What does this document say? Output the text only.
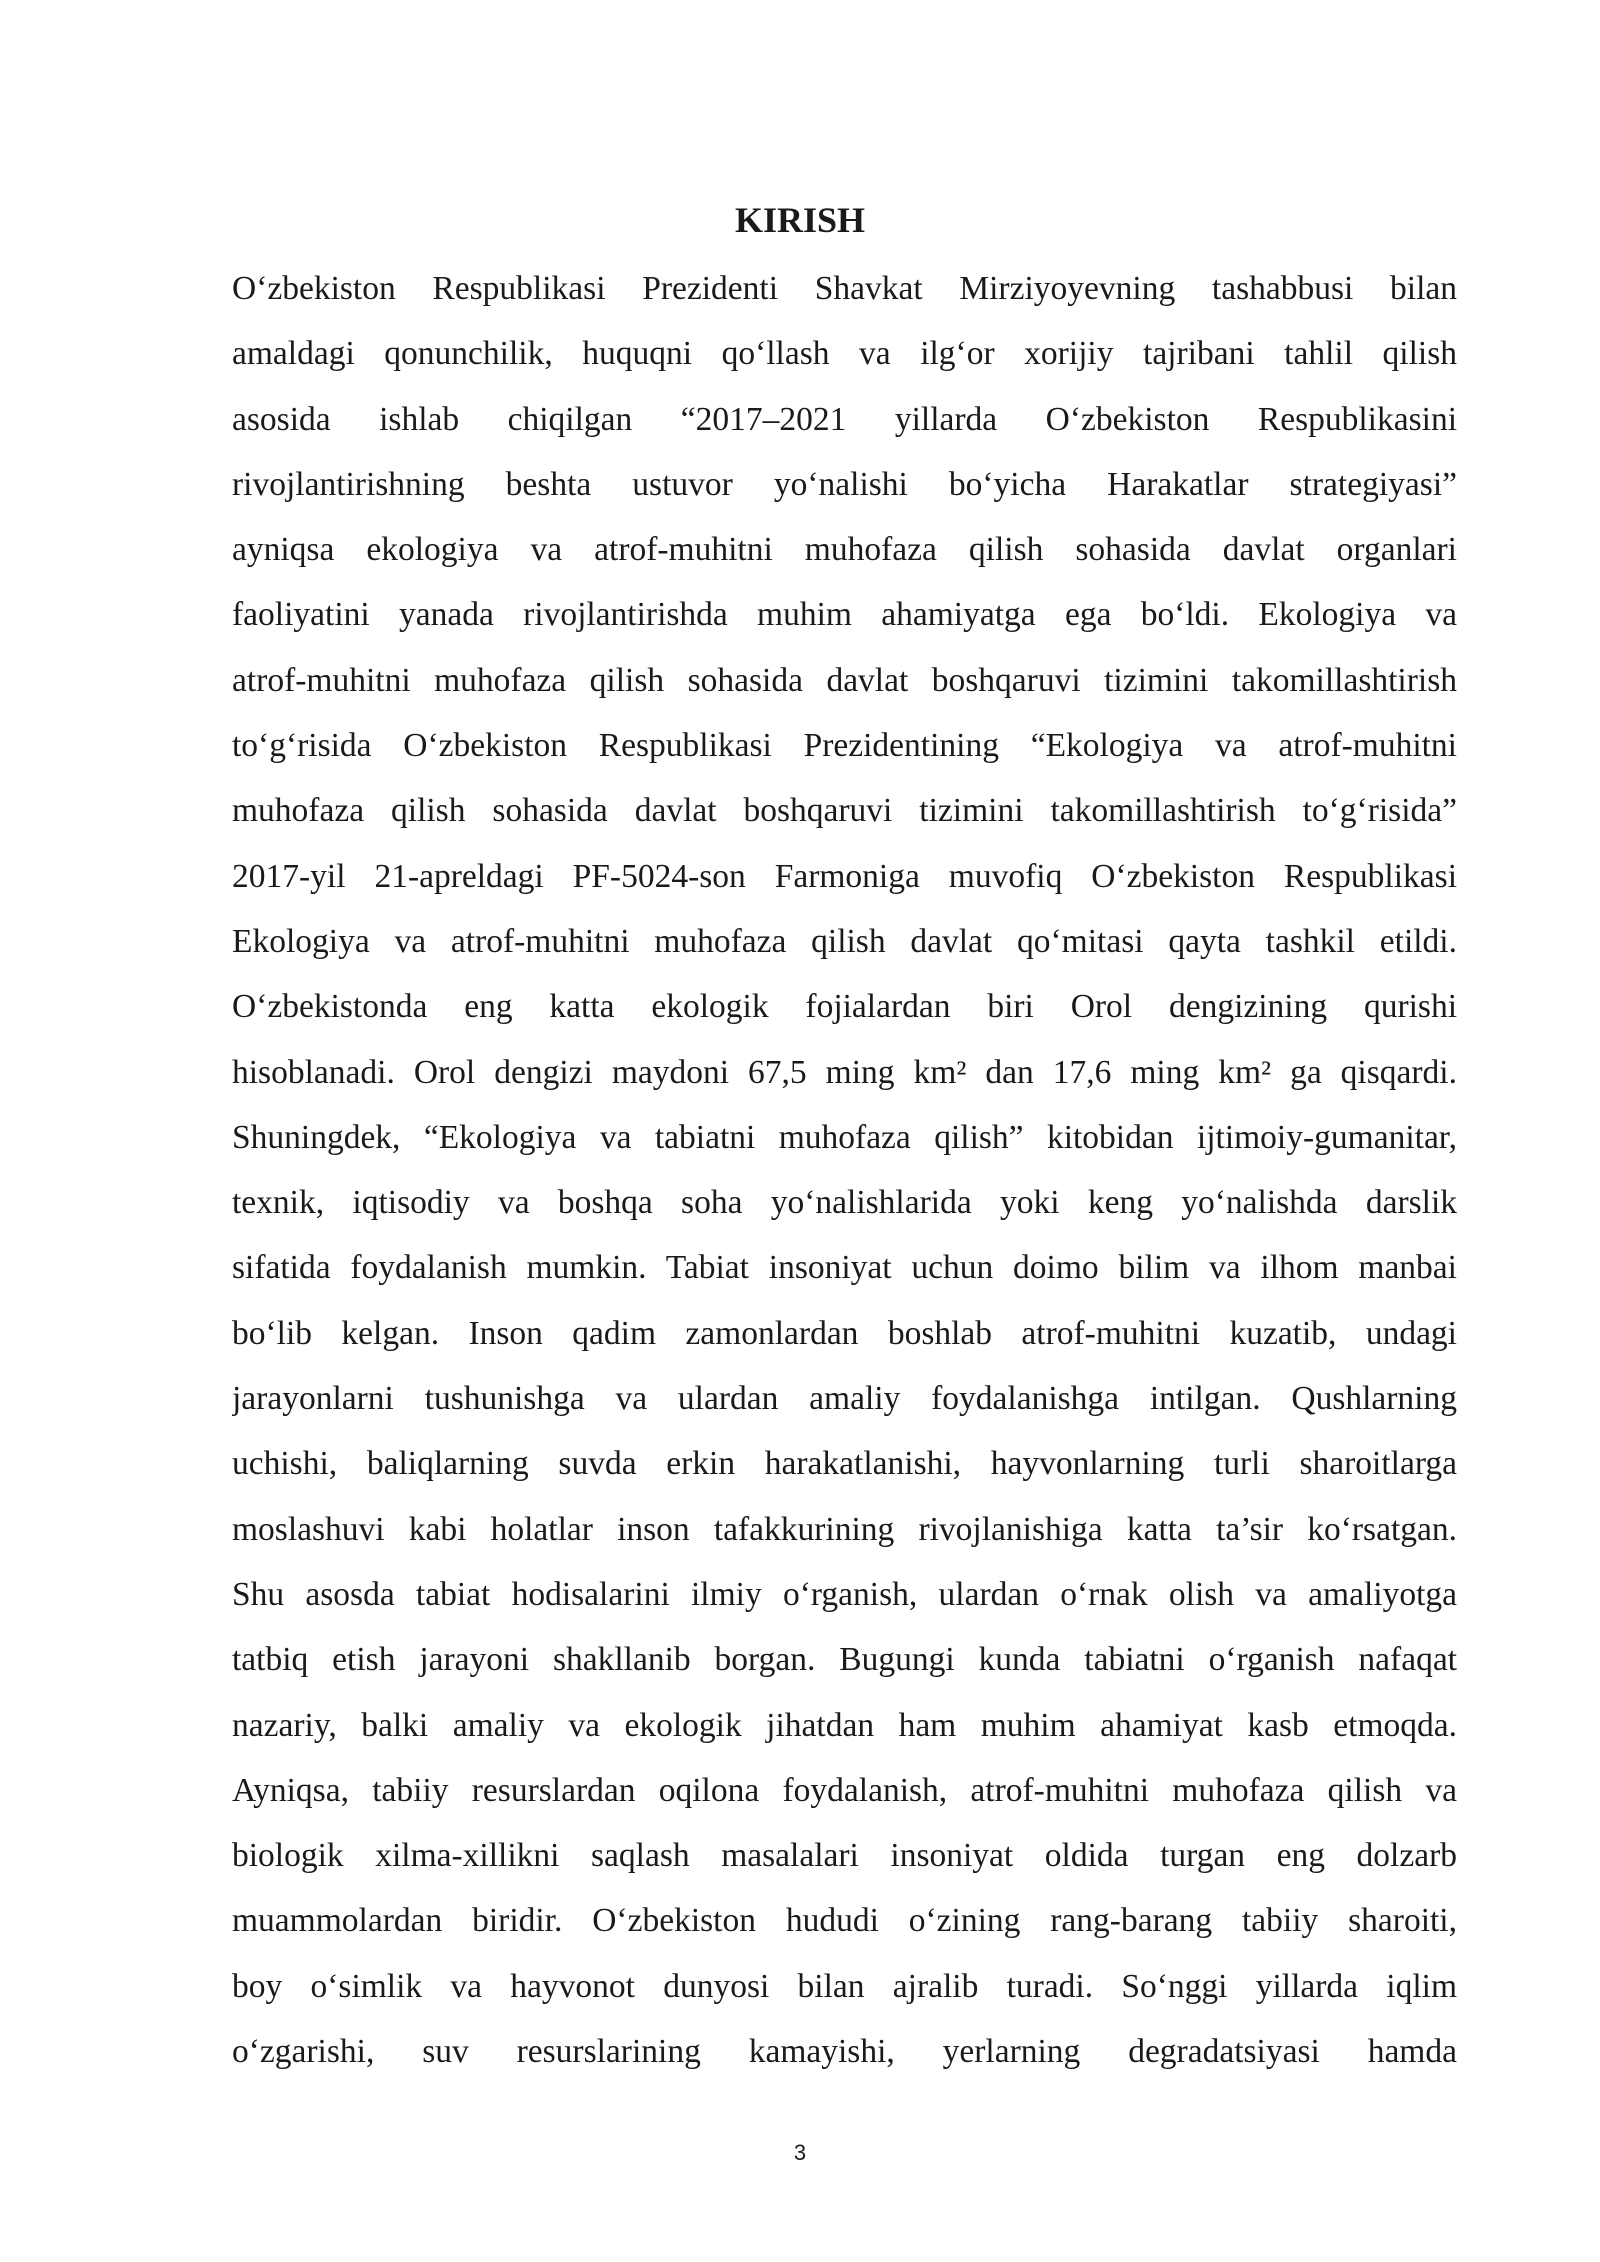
KIRISH
O‘zbekiston Respublikasi Prezidenti Shavkat Mirziyoyevning tashabbusi bilan
amaldagi qonunchilik, huquqni qo‘llash va ilg‘or xorijiy tajribani tahlil qilish
asosida ishlab chiqilgan “2017–2021 yillarda O‘zbekiston Respublikasini
rivojlantirishning beshta ustuvor yo‘nalishi bo‘yicha Harakatlar strategiyasi”
ayniqsa ekologiya va atrof-muhitni muhofaza qilish sohasida davlat organlari
faoliyatini yanada rivojlantirishda muhim ahamiyatga ega bo‘ldi. Ekologiya va
atrof-muhitni muhofaza qilish sohasida davlat boshqaruvi tizimini takomillashtirish
to‘g‘risida O‘zbekiston Respublikasi Prezidentining “Ekologiya va atrof-muhitni
muhofaza qilish sohasida davlat boshqaruvi tizimini takomillashtirish to‘g‘risida”
2017-yil 21-apreldagi PF-5024-son Farmoniga muvofiq O‘zbekiston Respublikasi
Ekologiya va atrof-muhitni muhofaza qilish davlat qo‘mitasi qayta tashkil etildi.
O‘zbekistonda eng katta ekologik fojialardan biri Orol dengizining qurishi
hisoblanadi. Orol dengizi maydoni 67,5 ming km² dan 17,6 ming km² ga qisqardi.
Shuningdek, “Ekologiya va tabiatni muhofaza qilish” kitobidan ijtimoiy-gumanitar,
texnik, iqtisodiy va boshqa soha yo‘nalishlarida yoki keng yo‘nalishda darslik
sifatida foydalanish mumkin. Tabiat insoniyat uchun doimo bilim va ilhom manbai
bo‘lib kelgan. Inson qadim zamonlardan boshlab atrof-muhitni kuzatib, undagi
jarayonlarni tushunishga va ulardan amaliy foydalanishga intilgan. Qushlarning
uchishi, baliqlarning suvda erkin harakatlanishi, hayvonlarning turli sharoitlarga
moslashuvi kabi holatlar inson tafakkurining rivojlanishiga katta ta’sir ko‘rsatgan.
Shu asosda tabiat hodisalarini ilmiy o‘rganish, ulardan o‘rnak olish va amaliyotga
tatbiq etish jarayoni shakllanib borgan. Bugungi kunda tabiatni o‘rganish nafaqat
nazariy, balki amaliy va ekologik jihatdan ham muhim ahamiyat kasb etmoqda.
Ayniqsa, tabiiy resurslardan oqilona foydalanish, atrof-muhitni muhofaza qilish va
biologik xilma-xillikni saqlash masalalari insoniyat oldida turgan eng dolzarb
muammolardan biridir. O‘zbekiston hududi o‘zining rang-barang tabiiy sharoiti,
boy o‘simlik va hayvonot dunyosi bilan ajralib turadi. So‘nggi yillarda iqlim
o‘zgarishi, suv resurslarining kamayishi, yerlarning degradatsiyasi hamda
3
